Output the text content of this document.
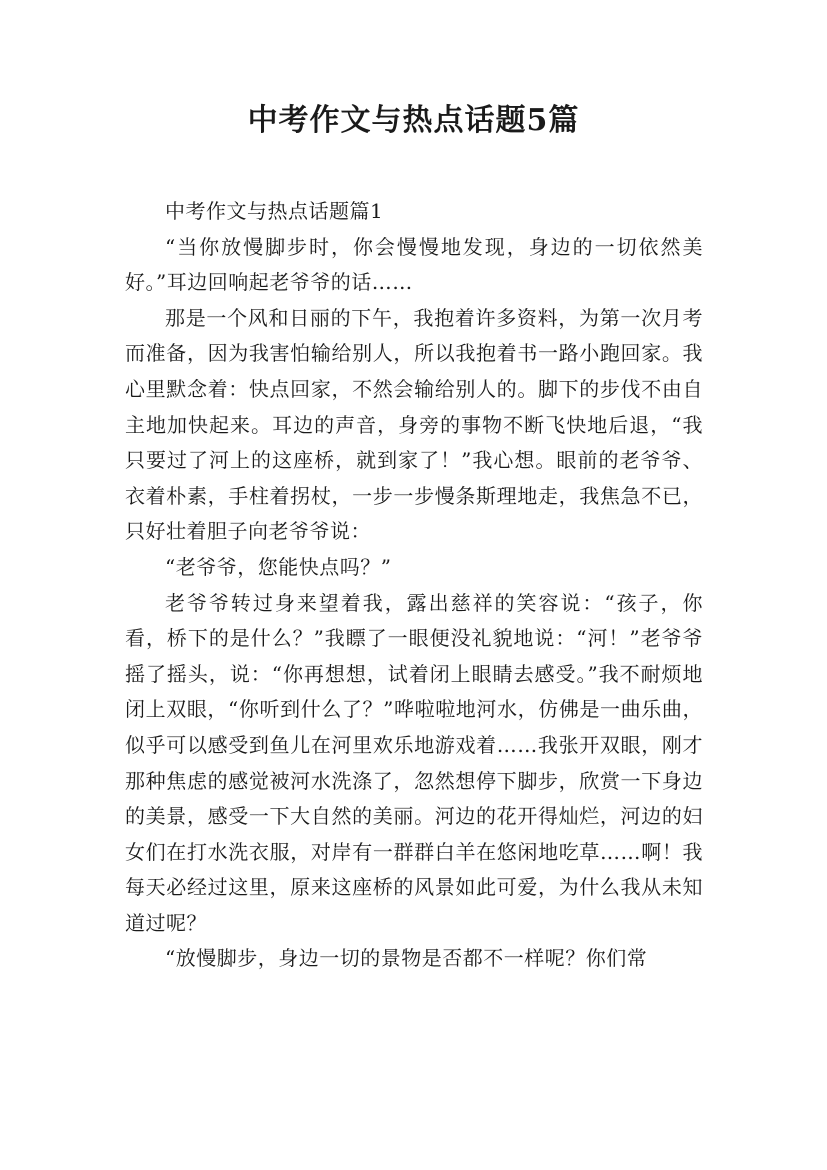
中考作文与热点话题5篇

中考作文与热点话题篇1

“当你放慢脚步时，你会慢慢地发现，身边的一切依然美好。”耳边回响起老爷爷的话……

那是一个风和日丽的下午，我抱着许多资料，为第一次月考而准备，因为我害怕输给别人，所以我抱着书一路小跑回家。我心里默念着：快点回家，不然会输给别人的。脚下的步伐不由自主地加快起来。耳边的声音，身旁的事物不断飞快地后退，“我只要过了河上的这座桥，就到家了！”我心想。眼前的老爷爷、衣着朴素，手柱着拐杖，一步一步慢条斯理地走，我焦急不已，只好壮着胆子向老爷爷说：

“老爷爷，您能快点吗？”

老爷爷转过身来望着我，露出慈祥的笑容说：“孩子，你看，桥下的是什么？”我瞟了一眼便没礼貌地说：“河！”老爷爷摇了摇头，说：“你再想想，试着闭上眼睛去感受。”我不耐烦地闭上双眼，“你听到什么了？”哗啦啦地河水，仿佛是一曲乐曲，似乎可以感受到鱼儿在河里欢乐地游戏着……我张开双眼，刚才那种焦虑的感觉被河水洗涤了，忽然想停下脚步，欣赏一下身边的美景，感受一下大自然的美丽。河边的花开得灿烂，河边的妇女们在打水洗衣服，对岸有一群群白羊在悠闲地吃草……啊！我每天必经过这里，原来这座桥的风景如此可爱，为什么我从未知道过呢？

“放慢脚步，身边一切的景物是否都不一样呢？你们常
